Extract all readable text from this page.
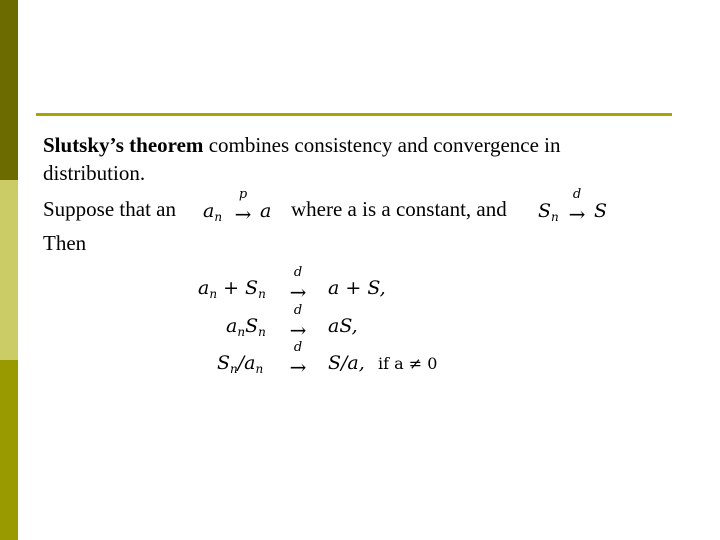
Slutsky’s theorem combines consistency and convergence in
distribution.
Suppose that an	where a is a constant, and
Then
$a_n$
p
→ a	$S_n$
d
→ S
$a_n + S_n$
d
→ a + S,
$a_nS_n$
d
→ aS,
$S_n/a_n$
d
→ S/a, if a ≠ 0
